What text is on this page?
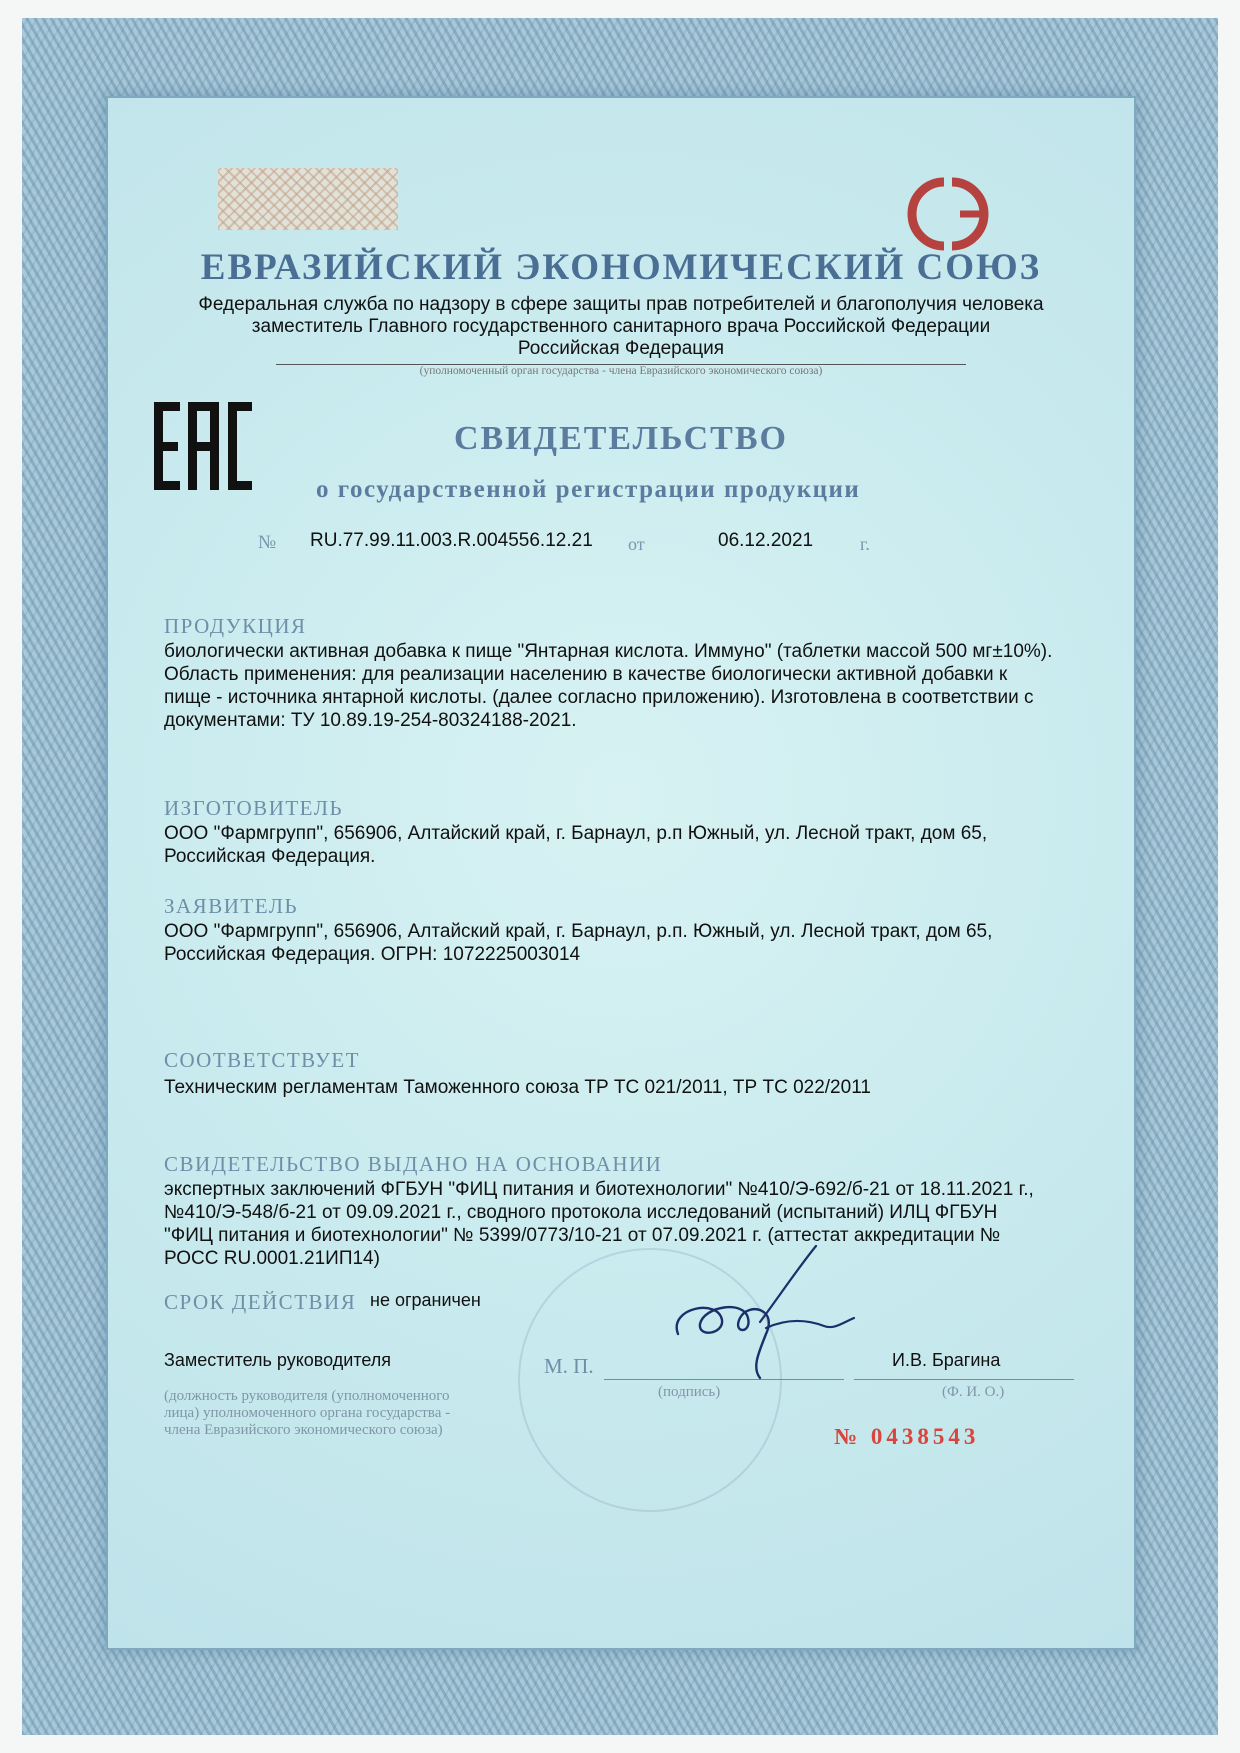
ЕВРАЗИЙСКИЙ ЭКОНОМИЧЕСКИЙ СОЮЗ
Федеральная служба по надзору в сфере защиты прав потребителей и благополучия человека
заместитель Главного государственного санитарного врача Российской Федерации
Российская Федерация
(уполномоченный орган государства - члена Евразийского экономического союза)
СВИДЕТЕЛЬСТВО
о государственной регистрации продукции
№ RU.77.99.11.003.R.004556.12.21 от	06.12.2021	г.
ПРОДУКЦИЯ
биологически активная добавка к пище "Янтарная кислота. Иммуно" (таблетки массой 500 мг±10%).
Область применения: для реализации населению в качестве биологически активной добавки к
пище - источника янтарной кислоты. (далее согласно приложению). Изготовлена в соответствии с
документами: ТУ 10.89.19-254-80324188-2021.
ИЗГОТОВИТЕЛЬ
ООО "Фармгрупп", 656906, Алтайский край, г. Барнаул, р.п Южный, ул. Лесной тракт, дом 65,
Российская Федерация.
ЗАЯВИТЕЛЬ
ООО "Фармгрупп", 656906, Алтайский край, г. Барнаул, р.п. Южный, ул. Лесной тракт, дом 65,
Российская Федерация. ОГРН: 1072225003014
СООТВЕТСТВУЕТ
Техническим регламентам Таможенного союза ТР ТС 021/2011, ТР ТС 022/2011
СВИДЕТЕЛЬСТВО ВЫДАНО НА ОСНОВАНИИ
экспертных заключений ФГБУН "ФИЦ питания и биотехнологии" №410/Э-692/б-21 от 18.11.2021 г.,
№410/Э-548/б-21 от 09.09.2021 г., сводного протокола исследований (испытаний) ИЛЦ ФГБУН
"ФИЦ питания и биотехнологии" № 5399/0773/10-21 от 07.09.2021 г. (аттестат аккредитации №
РОСС RU.0001.21ИП14)
СРОК ДЕЙСТВИЯ не ограничен
Заместитель руководителя	М. П.	И.В. Брагина
(должность руководителя (уполномоченного
лица) уполномоченного органа государства -
члена Евразийского экономического союза)
(подпись)	(Ф. И. О.)
№ 0438543
